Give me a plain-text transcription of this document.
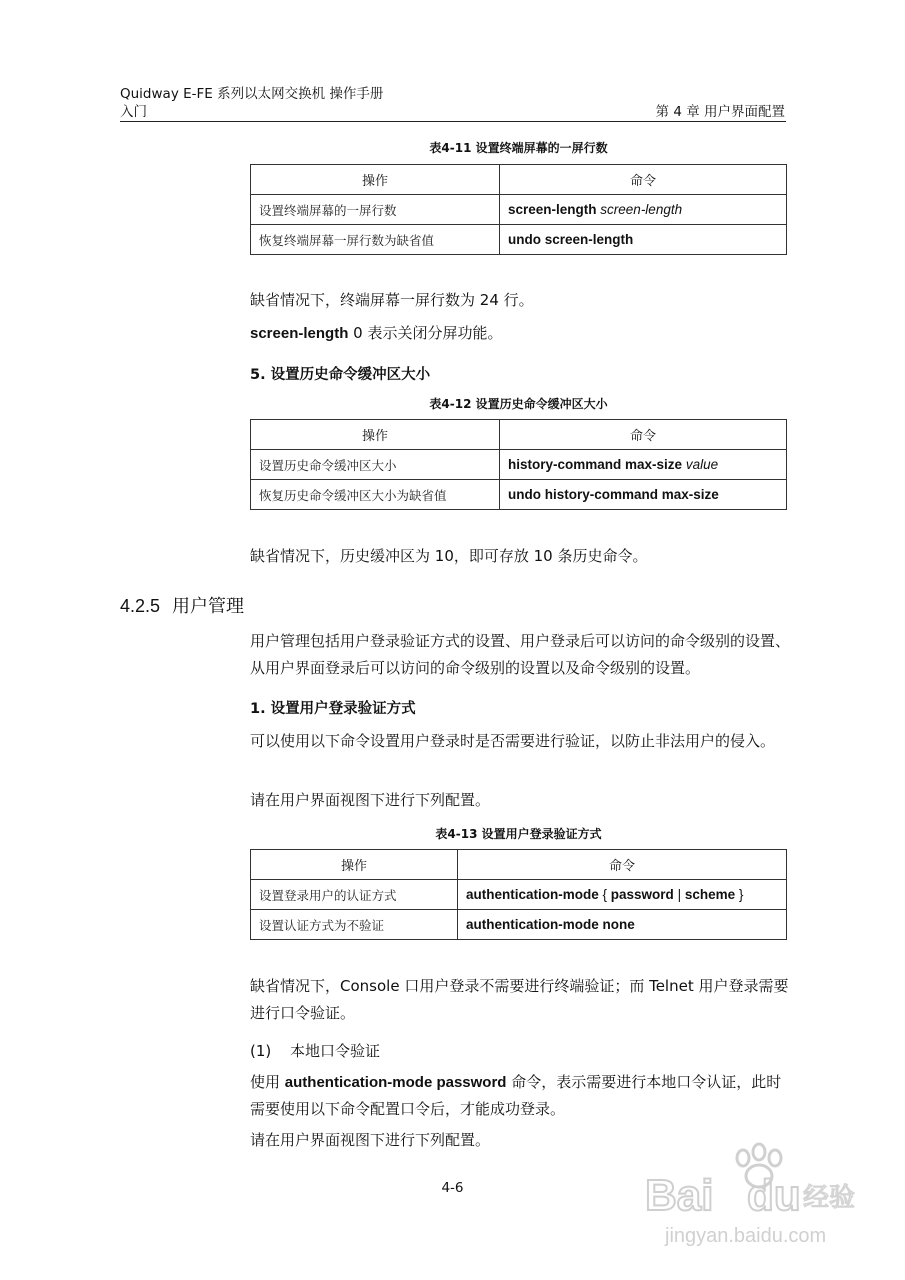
Quidway E-FE 系列以太网交换机 操作手册
入门	第 4 章 用户界面配置
表4-11 设置终端屏幕的一屏行数
操作	命令
设置终端屏幕的一屏行数	screen-length screen-length
恢复终端屏幕一屏行数为缺省值	undo screen-length
缺省情况下，终端屏幕一屏行数为 24 行。
screen-length 0 表示关闭分屏功能。
5. 设置历史命令缓冲区大小
表4-12 设置历史命令缓冲区大小
操作	命令
设置历史命令缓冲区大小	history-command max-size value
恢复历史命令缓冲区大小为缺省值	undo history-command max-size
缺省情况下，历史缓冲区为 10，即可存放 10 条历史命令。
4.2.5 用户管理
用户管理包括用户登录验证方式的设置、用户登录后可以访问的命令级别的设置、从用户界面登录后可以访问的命令级别的设置以及命令级别的设置。
1. 设置用户登录验证方式
可以使用以下命令设置用户登录时是否需要进行验证，以防止非法用户的侵入。
请在用户界面视图下进行下列配置。
表4-13 设置用户登录验证方式
操作	命令
设置登录用户的认证方式	authentication-mode { password | scheme }
设置认证方式为不验证	authentication-mode none
缺省情况下，Console 口用户登录不需要进行终端验证；而 Telnet 用户登录需要进行口令验证。
(1) 本地口令验证
使用 authentication-mode password 命令，表示需要进行本地口令认证，此时需要使用以下命令配置口令后，才能成功登录。
请在用户界面视图下进行下列配置。
4-6	Bai du 经验
jingyan.baidu.com
